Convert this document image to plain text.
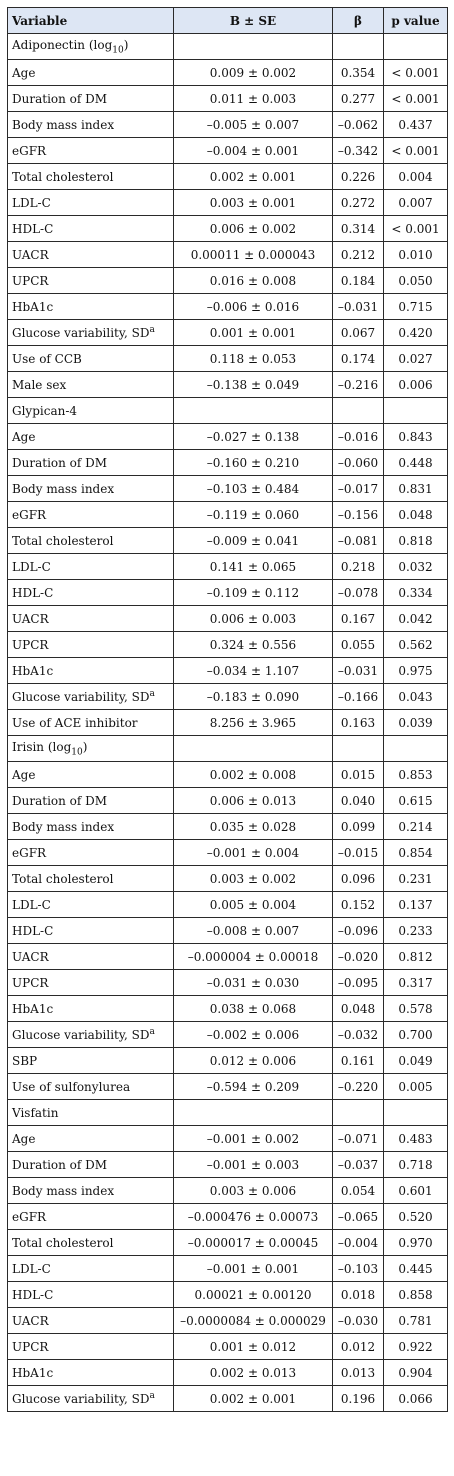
Variable	B ± SE	β	p value
Adiponectin $(\log_{10})$			
Age	0.009 ± 0.002	0.354	< 0.001
Duration of DM	0.011 ± 0.003	0.277	< 0.001
Body mass index	–0.005 ± 0.007	–0.062	0.437
eGFR	–0.004 ± 0.001	–0.342	< 0.001
Total cholesterol	0.002 ± 0.001	0.226	0.004
LDL-C	0.003 ± 0.001	0.272	0.007
HDL-C	0.006 ± 0.002	0.314	< 0.001
UACR	0.00011 ± 0.000043	0.212	0.010
UPCR	0.016 ± 0.008	0.184	0.050
HbA1c	–0.006 ± 0.016	–0.031	0.715
Glucose variability, $SD^a$	0.001 ± 0.001	0.067	0.420
Use of CCB	0.118 ± 0.053	0.174	0.027
Male sex	–0.138 ± 0.049	–0.216	0.006
Glypican-4			
Age	–0.027 ± 0.138	–0.016	0.843
Duration of DM	–0.160 ± 0.210	–0.060	0.448
Body mass index	–0.103 ± 0.484	–0.017	0.831
eGFR	–0.119 ± 0.060	–0.156	0.048
Total cholesterol	–0.009 ± 0.041	–0.081	0.818
LDL-C	0.141 ± 0.065	0.218	0.032
HDL-C	–0.109 ± 0.112	–0.078	0.334
UACR	0.006 ± 0.003	0.167	0.042
UPCR	0.324 ± 0.556	0.055	0.562
HbA1c	–0.034 ± 1.107	–0.031	0.975
Glucose variability, $SD^a$	–0.183 ± 0.090	–0.166	0.043
Use of ACE inhibitor	8.256 ± 3.965	0.163	0.039
Irisin $(\log_{10})$			
Age	0.002 ± 0.008	0.015	0.853
Duration of DM	0.006 ± 0.013	0.040	0.615
Body mass index	0.035 ± 0.028	0.099	0.214
eGFR	–0.001 ± 0.004	–0.015	0.854
Total cholesterol	0.003 ± 0.002	0.096	0.231
LDL-C	0.005 ± 0.004	0.152	0.137
HDL-C	–0.008 ± 0.007	–0.096	0.233
UACR	–0.000004 ± 0.00018	–0.020	0.812
UPCR	–0.031 ± 0.030	–0.095	0.317
HbA1c	0.038 ± 0.068	0.048	0.578
Glucose variability, $SD^a$	–0.002 ± 0.006	–0.032	0.700
SBP	0.012 ± 0.006	0.161	0.049
Use of sulfonylurea	–0.594 ± 0.209	–0.220	0.005
Visfatin			
Age	–0.001 ± 0.002	–0.071	0.483
Duration of DM	–0.001 ± 0.003	–0.037	0.718
Body mass index	0.003 ± 0.006	0.054	0.601
eGFR	–0.000476 ± 0.00073	–0.065	0.520
Total cholesterol	–0.000017 ± 0.00045	–0.004	0.970
LDL-C	–0.001 ± 0.001	–0.103	0.445
HDL-C	0.00021 ± 0.00120	0.018	0.858
UACR	–0.0000084 ± 0.000029	–0.030	0.781
UPCR	0.001 ± 0.012	0.012	0.922
HbA1c	0.002 ± 0.013	0.013	0.904
Glucose variability, $SD^a$	0.002 ± 0.001	0.196	0.066
